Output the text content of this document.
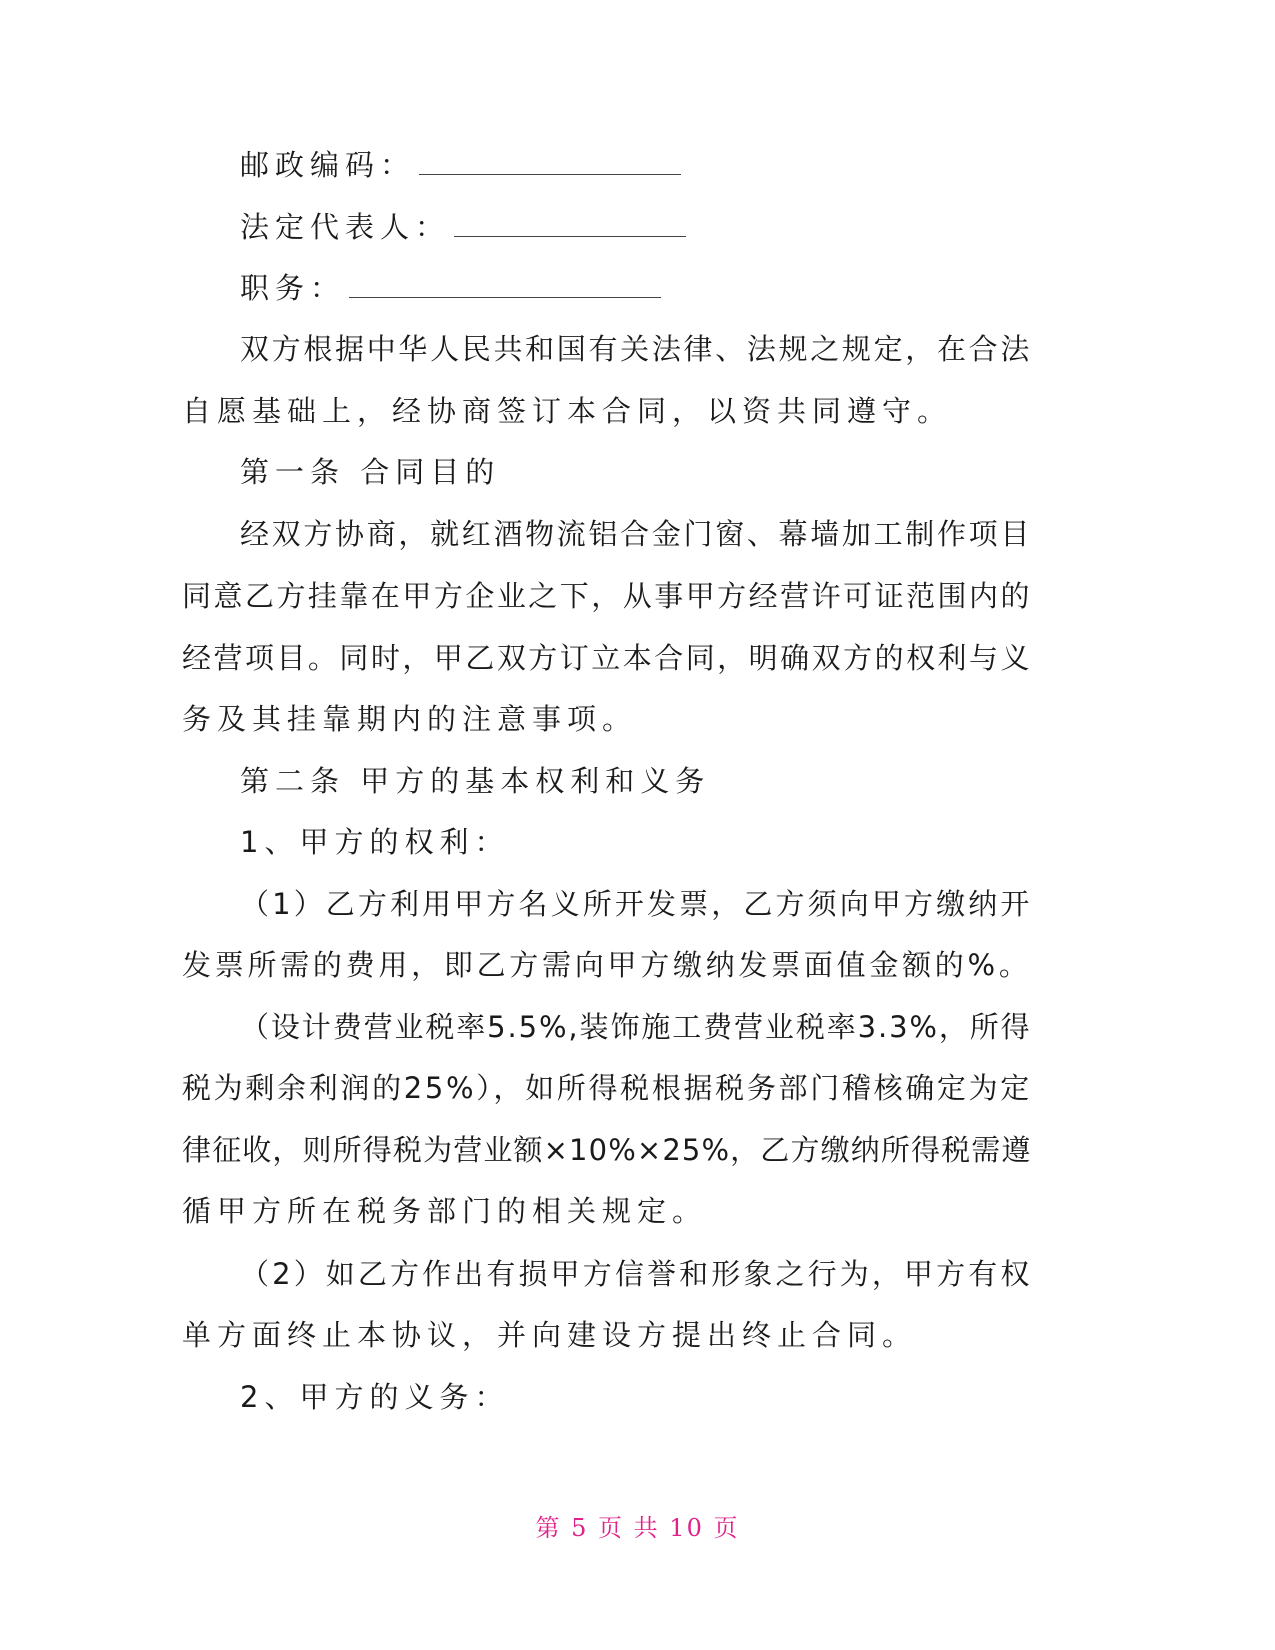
邮政编码：
法定代表人：
职务：
双方根据中华人民共和国有关法律、法规之规定，在合法
自愿基础上，经协商签订本合同，以资共同遵守。
第一条 合同目的
经双方协商，就红酒物流铝合金门窗、幕墙加工制作项目
同意乙方挂靠在甲方企业之下，从事甲方经营许可证范围内的
经营项目。同时，甲乙双方订立本合同，明确双方的权利与义
务及其挂靠期内的注意事项。
第二条 甲方的基本权利和义务
1、甲方的权利：
（1）乙方利用甲方名义所开发票，乙方须向甲方缴纳开
发票所需的费用，即乙方需向甲方缴纳发票面值金额的%。
（设计费营业税率5.5%,装饰施工费营业税率3.3%，所得
税为剩余利润的25%），如所得税根据税务部门稽核确定为定
律征收，则所得税为营业额×10%×25%，乙方缴纳所得税需遵
循甲方所在税务部门的相关规定。
（2）如乙方作出有损甲方信誉和形象之行为，甲方有权
单方面终止本协议，并向建设方提出终止合同。
2、甲方的义务：
第 5 页 共 10 页
